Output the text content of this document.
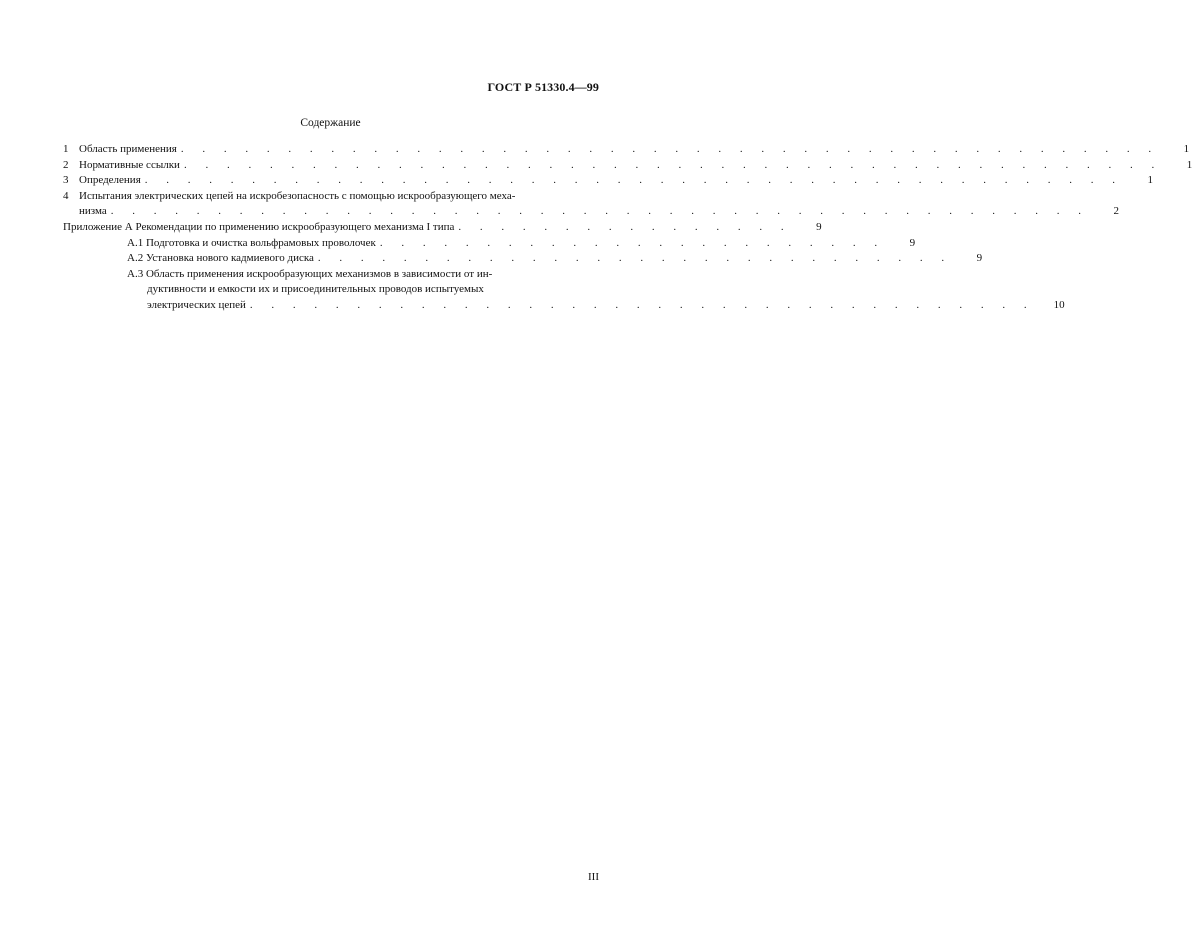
ГОСТ Р 51330.4—99
Содержание
1 Область применения . . . . . . . . . . . . . . . . . . . . . . . . . . . . . . . . . . . . . . . . . . . . . .	1
2 Нормативные ссылки . . . . . . . . . . . . . . . . . . . . . . . . . . . . . . . . . . . . . . . . . . . . . .	1
3 Определения . . . . . . . . . . . . . . . . . . . . . . . . . . . . . . . . . . . . . . . . . . . . . .	1
4 Испытания электрических цепей на искробезопасность с помощью искрообразующего меха-
низма . . . . . . . . . . . . . . . . . . . . . . . . . . . . . . . . . . . . . . . . . . . . . .	2
Приложение А Рекомендации по применению искрообразующего механизма I типа . . . . . . . . . . . . . . . .	9
А.1 Подготовка и очистка вольфрамовых проволочек . . . . . . . . . . . . . . . . . . . . . . . .	9
А.2 Установка нового кадмиевого диска . . . . . . . . . . . . . . . . . . . . . . . . . . . . . .	9
А.3 Область применения искрообразующих механизмов в зависимости от ин-
дуктивности и емкости их и присоединительных проводов испытуемых
электрических цепей . . . . . . . . . . . . . . . . . . . . . . . . . . . . . . . . . . . . .	10
III
